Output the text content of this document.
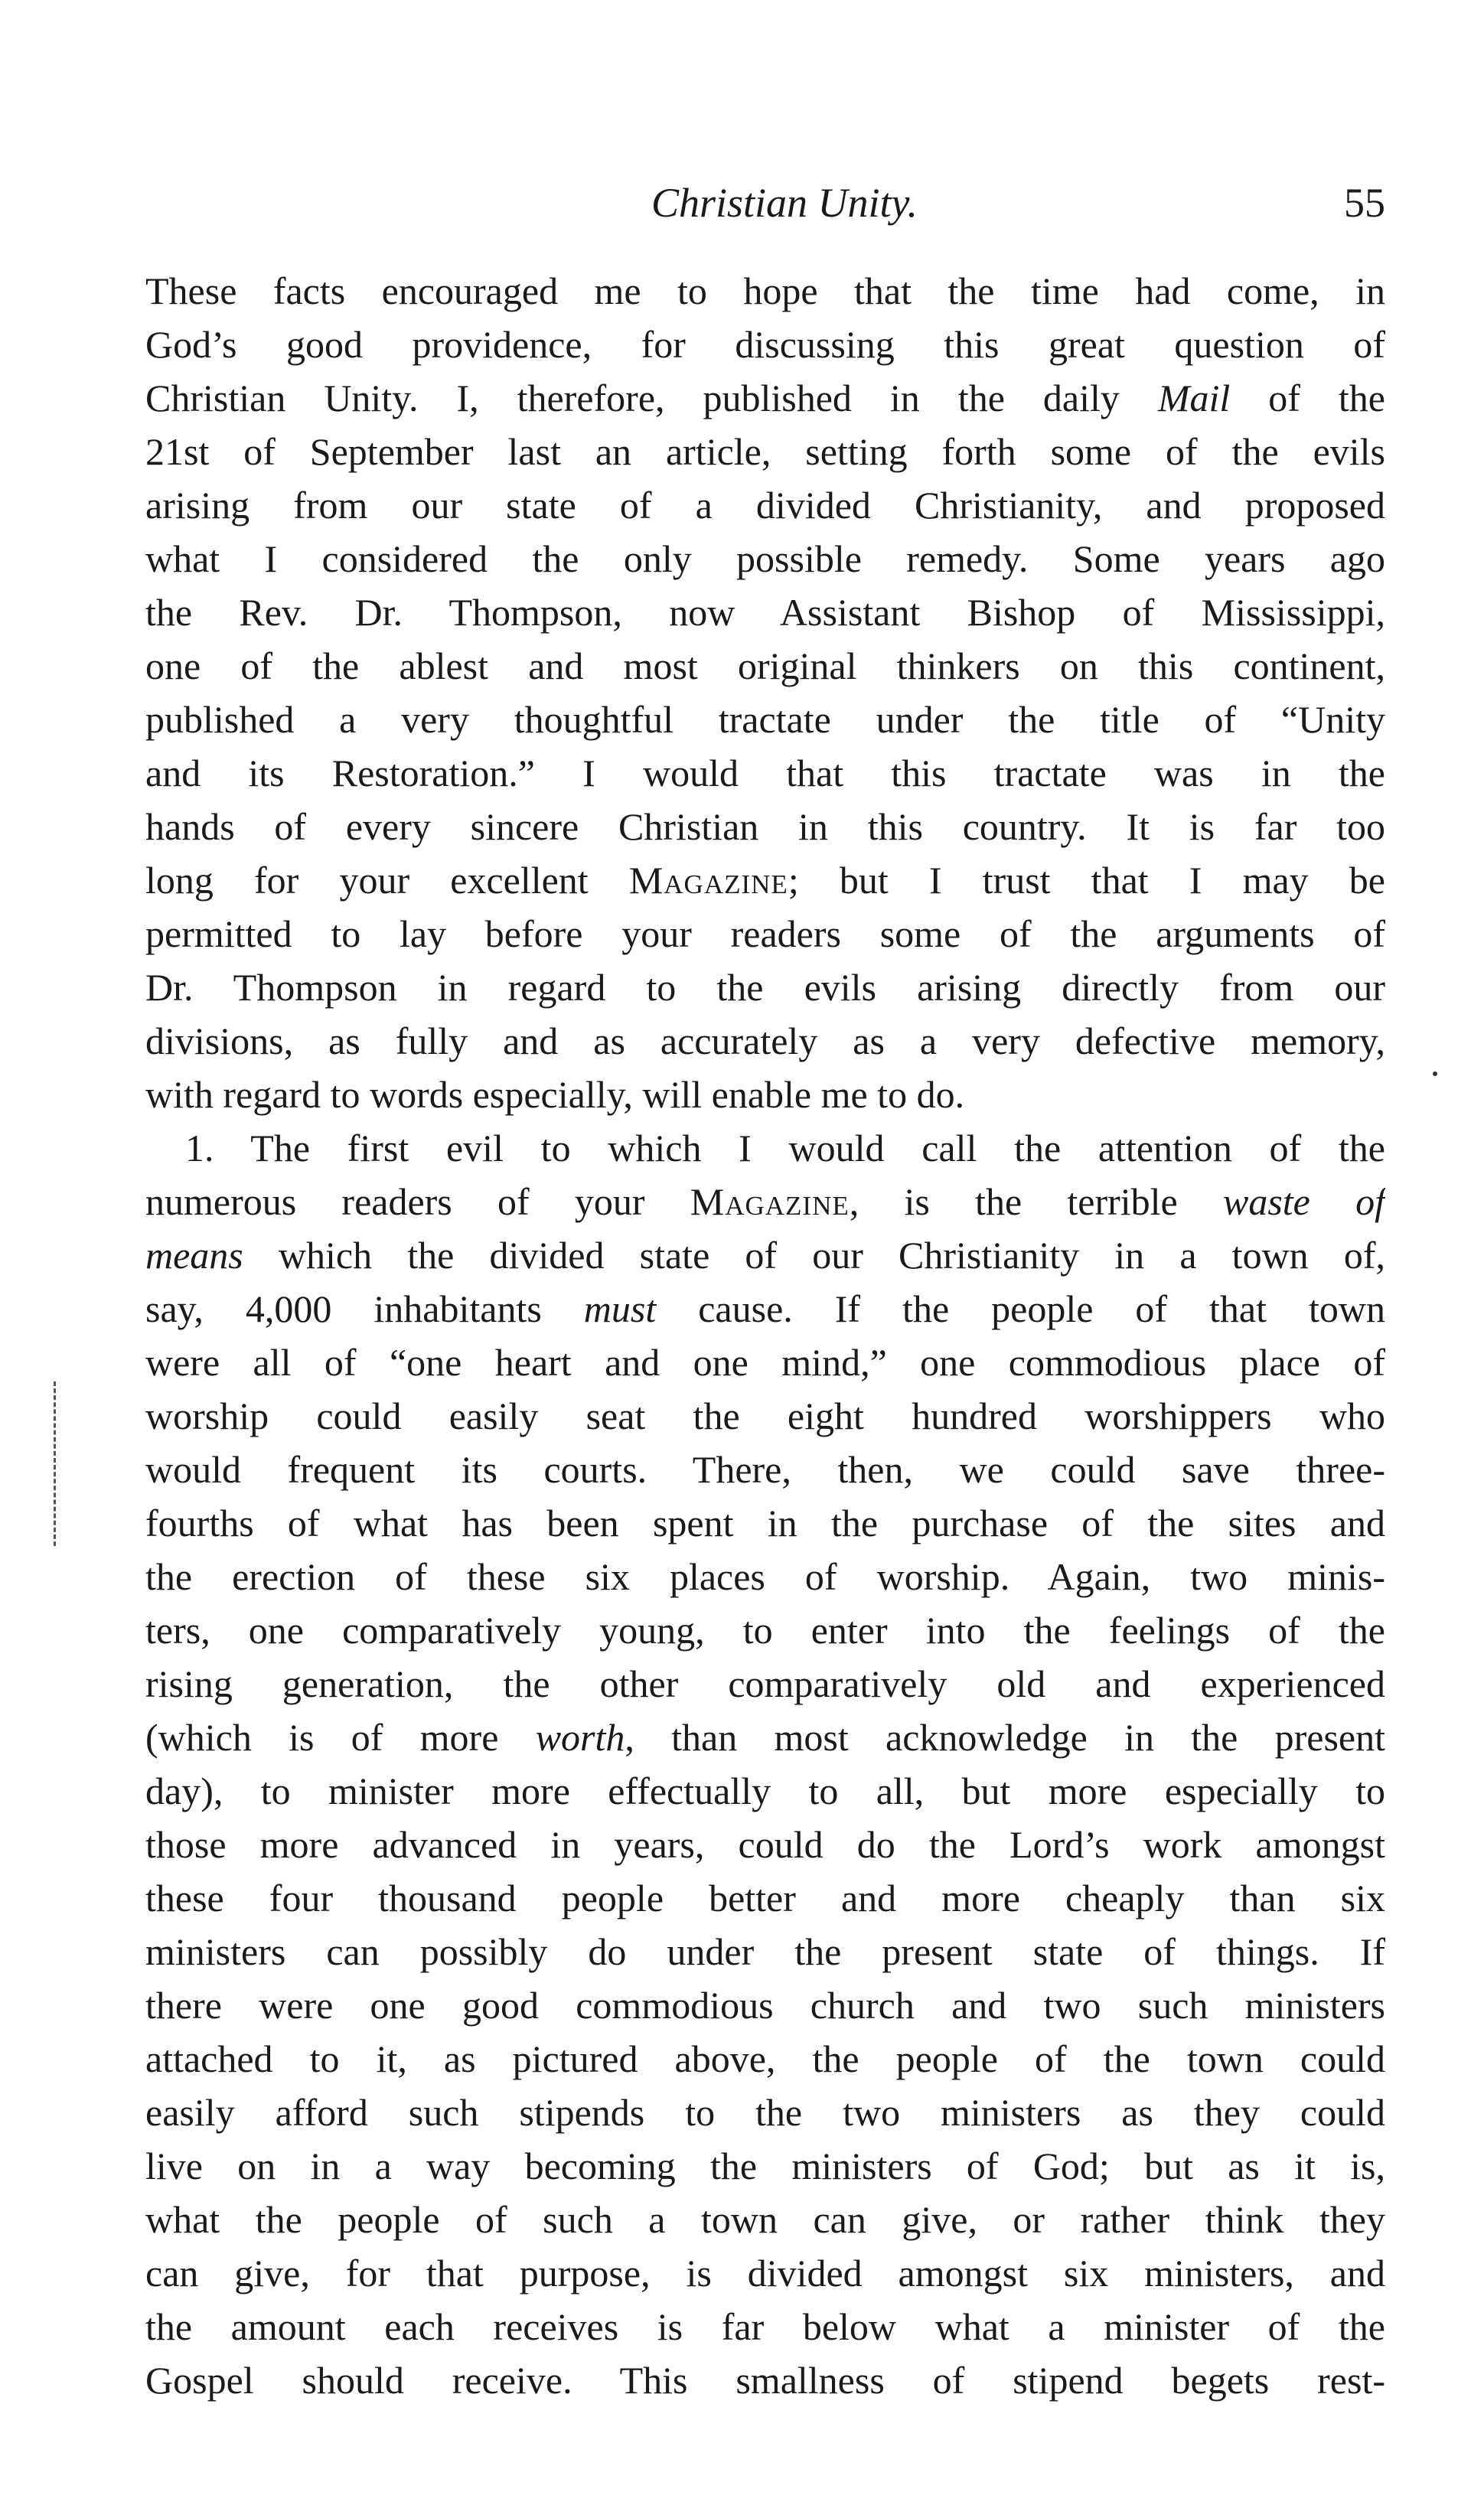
Christian Unity.	55
These facts encouraged me to hope that the time had come, in
God’s good providence, for discussing this great question of
Christian Unity. I, therefore, published in the daily Mail of the
21st of September last an article, setting forth some of the evils
arising from our state of a divided Christianity, and proposed
what I considered the only possible remedy. Some years ago
the Rev. Dr. Thompson, now Assistant Bishop of Mississippi,
one of the ablest and most original thinkers on this continent,
published a very thoughtful tractate under the title of “Unity
and its Restoration.” I would that this tractate was in the
hands of every sincere Christian in this country. It is far too
long for your excellent Magazine; but I trust that I may be
permitted to lay before your readers some of the arguments of
Dr. Thompson in regard to the evils arising directly from our
divisions, as fully and as accurately as a very defective memory,
with regard to words especially, will enable me to do.
1. The first evil to which I would call the attention of the
numerous readers of your Magazine, is the terrible waste of
means which the divided state of our Christianity in a town of,
say, 4,000 inhabitants must cause. If the people of that town
were all of “one heart and one mind,” one commodious place of
worship could easily seat the eight hundred worshippers who
would frequent its courts. There, then, we could save three-
fourths of what has been spent in the purchase of the sites and
the erection of these six places of worship. Again, two minis-
ters, one comparatively young, to enter into the feelings of the
rising generation, the other comparatively old and experienced
(which is of more worth, than most acknowledge in the present
day), to minister more effectually to all, but more especially to
those more advanced in years, could do the Lord’s work amongst
these four thousand people better and more cheaply than six
ministers can possibly do under the present state of things. If
there were one good commodious church and two such ministers
attached to it, as pictured above, the people of the town could
easily afford such stipends to the two ministers as they could
live on in a way becoming the ministers of God; but as it is,
what the people of such a town can give, or rather think they
can give, for that purpose, is divided amongst six ministers, and
the amount each receives is far below what a minister of the
Gospel should receive. This smallness of stipend begets rest-
